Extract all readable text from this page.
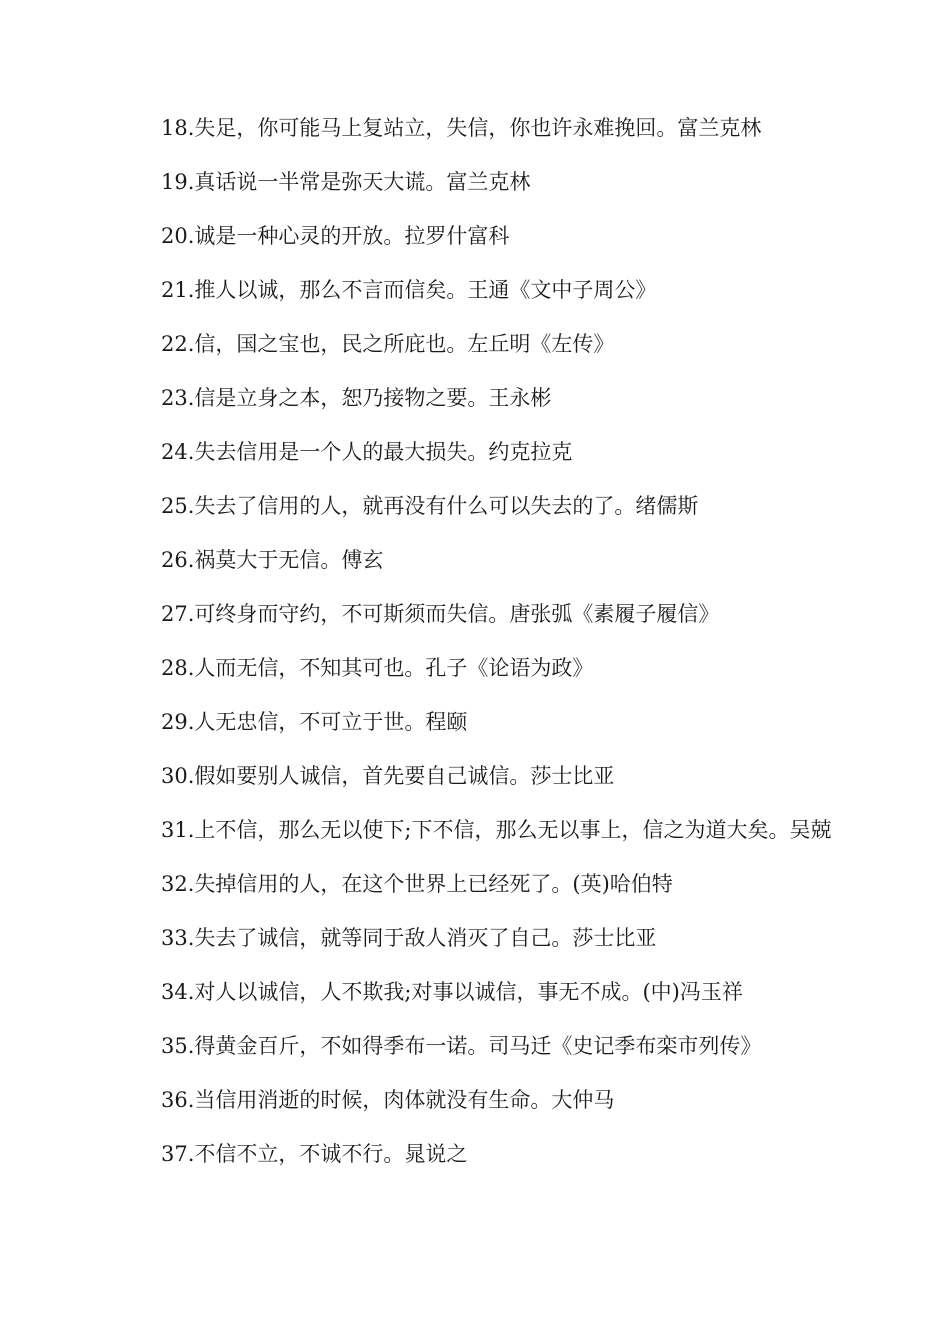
18.失足，你可能马上复站立，失信，你也许永难挽回。富兰克林

19.真话说一半常是弥天大谎。富兰克林

20.诚是一种心灵的开放。拉罗什富科

21.推人以诚，那么不言而信矣。王通《文中子周公》

22.信，国之宝也，民之所庇也。左丘明《左传》

23.信是立身之本，恕乃接物之要。王永彬

24.失去信用是一个人的最大损失。约克拉克

25.失去了信用的人，就再没有什么可以失去的了。绪儒斯

26.祸莫大于无信。傅玄

27.可终身而守约，不可斯须而失信。唐张弧《素履子履信》

28.人而无信，不知其可也。孔子《论语为政》

29.人无忠信，不可立于世。程颐

30.假如要别人诚信，首先要自己诚信。莎士比亚

31.上不信，那么无以使下;下不信，那么无以事上，信之为道大矣。吴兢

32.失掉信用的人，在这个世界上已经死了。(英)哈伯特

33.失去了诚信，就等同于敌人消灭了自己。莎士比亚

34.对人以诚信，人不欺我;对事以诚信，事无不成。(中)冯玉祥

35.得黄金百斤，不如得季布一诺。司马迁《史记季布栾市列传》

36.当信用消逝的时候，肉体就没有生命。大仲马

37.不信不立，不诚不行。晁说之
